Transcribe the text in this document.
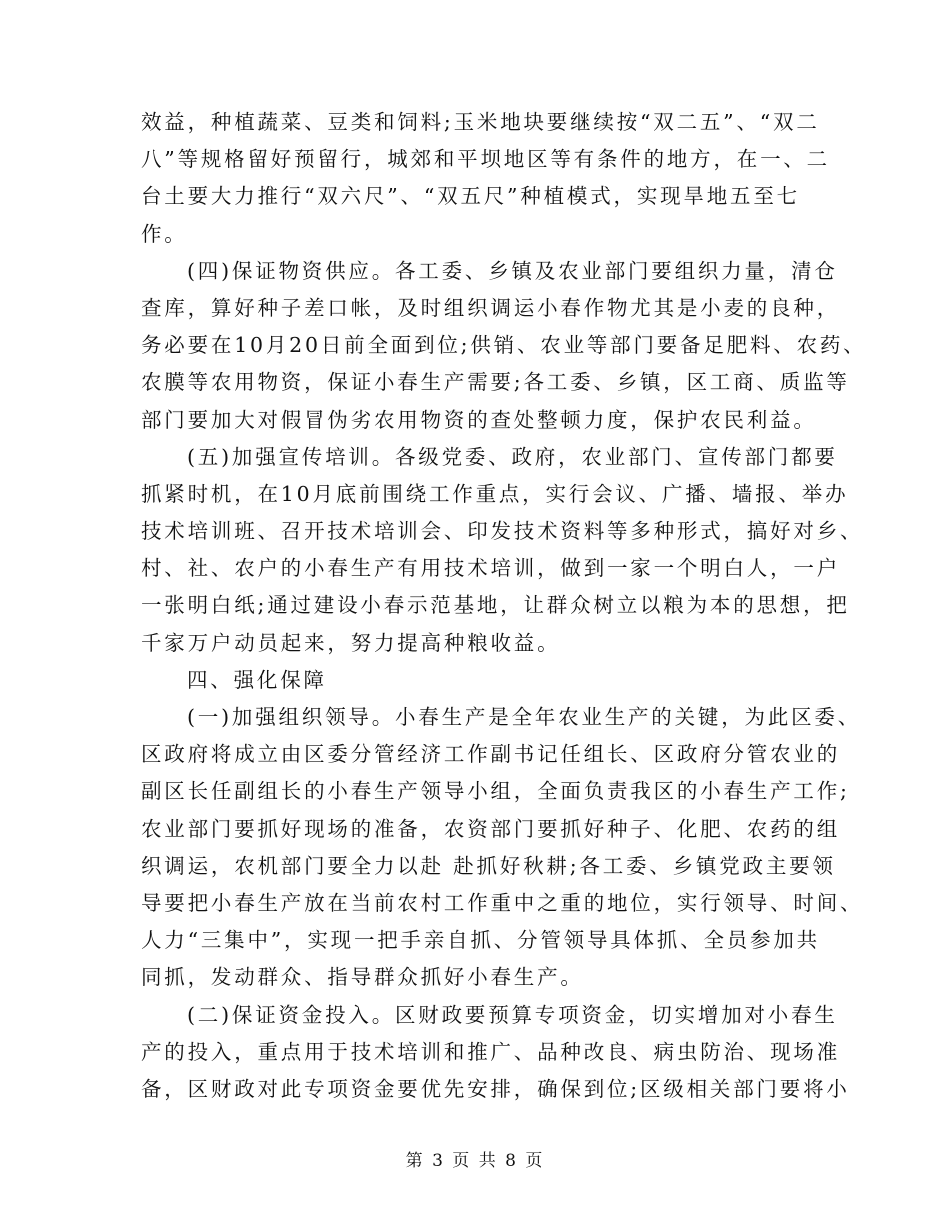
效益，种植蔬菜、豆类和饲料;玉米地块要继续按“双二五”、“双二
八”等规格留好预留行，城郊和平坝地区等有条件的地方，在一、二
台土要大力推行“双六尺”、“双五尺”种植模式，实现旱地五至七
作。
(四)保证物资供应。各工委、乡镇及农业部门要组织力量，清仓
查库，算好种子差口帐，及时组织调运小春作物尤其是小麦的良种，
务必要在10月20日前全面到位;供销、农业等部门要备足肥料、农药、
农膜等农用物资，保证小春生产需要;各工委、乡镇，区工商、质监等
部门要加大对假冒伪劣农用物资的查处整顿力度，保护农民利益。
(五)加强宣传培训。各级党委、政府，农业部门、宣传部门都要
抓紧时机，在10月底前围绕工作重点，实行会议、广播、墙报、举办
技术培训班、召开技术培训会、印发技术资料等多种形式，搞好对乡、
村、社、农户的小春生产有用技术培训，做到一家一个明白人，一户
一张明白纸;通过建设小春示范基地，让群众树立以粮为本的思想，把
千家万户动员起来，努力提高种粮收益。
四、强化保障
(一)加强组织领导。小春生产是全年农业生产的关键，为此区委、
区政府将成立由区委分管经济工作副书记任组长、区政府分管农业的
副区长任副组长的小春生产领导小组，全面负责我区的小春生产工作;
农业部门要抓好现场的准备，农资部门要抓好种子、化肥、农药的组
织调运，农机部门要全力以赴 赴抓好秋耕;各工委、乡镇党政主要领
导要把小春生产放在当前农村工作重中之重的地位，实行领导、时间、
人力“三集中”，实现一把手亲自抓、分管领导具体抓、全员参加共
同抓，发动群众、指导群众抓好小春生产。
(二)保证资金投入。区财政要预算专项资金，切实增加对小春生
产的投入，重点用于技术培训和推广、品种改良、病虫防治、现场准
备，区财政对此专项资金要优先安排，确保到位;区级相关部门要将小
第 3 页 共 8 页
